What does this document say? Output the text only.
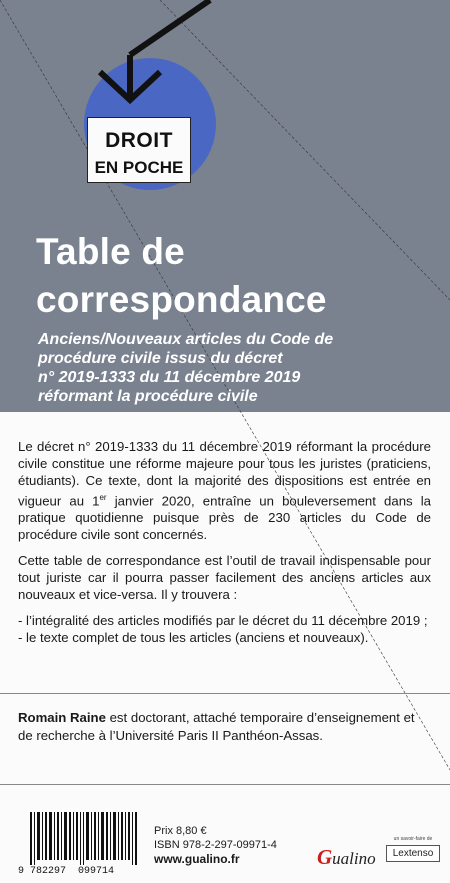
DROIT
EN POCHE
Table de
correspondance
Anciens/Nouveaux articles du Code de
procédure civile issus du décret
n° 2019-1333 du 11 décembre 2019
réformant la procédure civile

Le décret n° 2019-1333 du 11 décembre 2019 réformant la procédure civile constitue une réforme majeure pour tous les juristes (praticiens, étudiants). Ce texte, dont la majorité des dispositions est entrée en vigueur au 1er janvier 2020, entraîne un bouleversement dans la pratique quotidienne puisque près de 230 articles du Code de procédure civile sont concernés.

Cette table de correspondance est l’outil de travail indispensable pour tout juriste car il pourra passer facilement des anciens articles aux nouveaux et vice-versa. Il y trouvera :

- l’intégralité des articles modifiés par le décret du 11 décembre 2019 ;
- le texte complet de tous les articles (anciens et nouveaux).
Romain Raine est doctorant, attaché temporaire d’enseignement et de recherche à l’Université Paris II Panthéon-Assas.
9 782297  099714
Prix 8,80 €
ISBN 978-2-297-09971-4
www.gualino.fr	Gualino
un savoir-faire de
Lextenso
